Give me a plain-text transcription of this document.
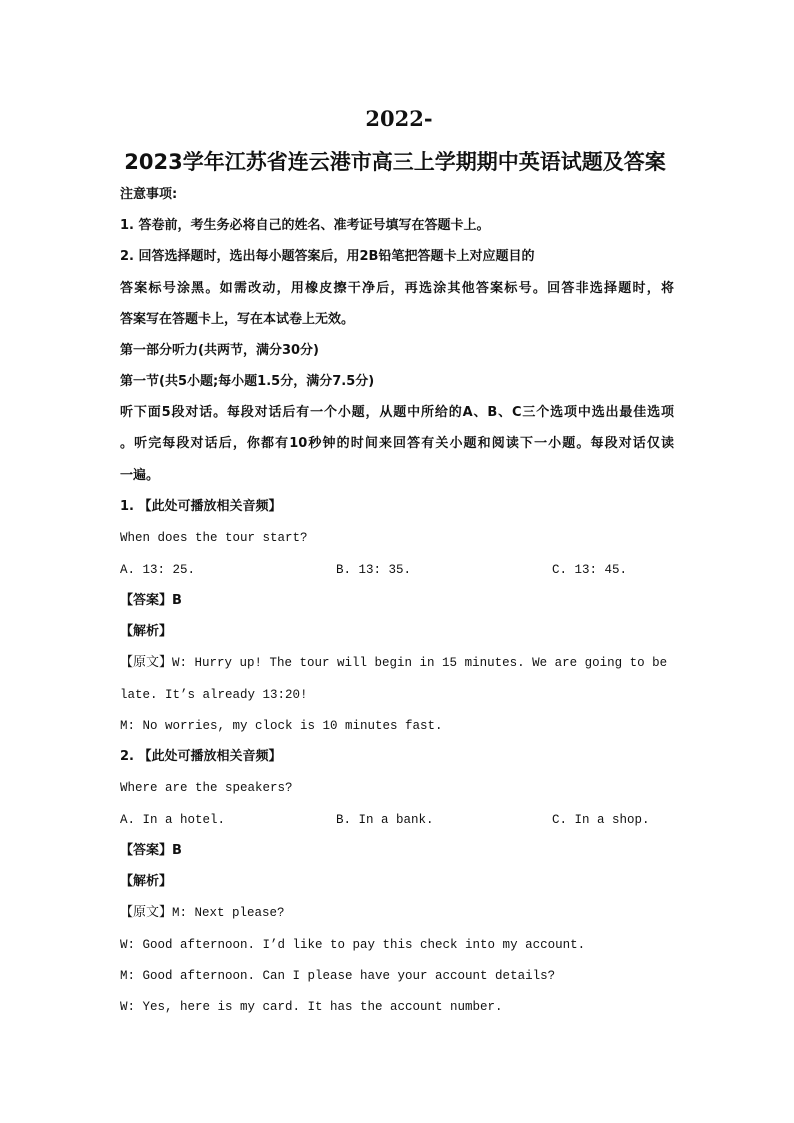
2022-
2023学年江苏省连云港市高三上学期期中英语试题及答案
注意事项:
1. 答卷前，考生务必将自己的姓名、准考证号填写在答题卡上。
2. 回答选择题时，选出每小题答案后，用2B铅笔把答题卡上对应题目的
答案标号涂黑。如需改动，用橡皮擦干净后，再选涂其他答案标号。回答非选择题时，将
答案写在答题卡上，写在本试卷上无效。
第一部分听力(共两节，满分30分)
第一节(共5小题;每小题1.5分，满分7.5分)
听下面5段对话。每段对话后有一个小题，从题中所给的A、B、C三个选项中选出最佳选项
。听完每段对话后，你都有10秒钟的时间来回答有关小题和阅读下一小题。每段对话仅读
一遍。
1. 【此处可播放相关音频】
When does the tour start?
A. 13: 25.	B. 13: 35.	C. 13: 45.
【答案】B
【解析】
【原文】W: Hurry up! The tour will begin in 15 minutes. We are going to be
late. It’s already 13:20!
M: No worries, my clock is 10 minutes fast.
2. 【此处可播放相关音频】
Where are the speakers?
A. In a hotel.	B. In a bank.	C. In a shop.
【答案】B
【解析】
【原文】M: Next please?
W: Good afternoon. I’d like to pay this check into my account.
M: Good afternoon. Can I please have your account details?
W: Yes, here is my card. It has the account number.
